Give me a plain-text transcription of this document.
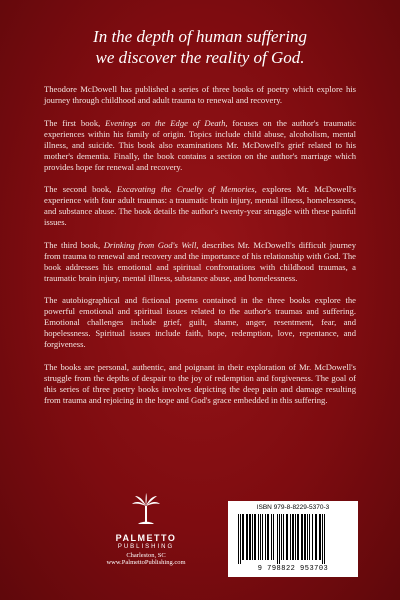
In the depth of human suffering
we discover the reality of God.

Theodore McDowell has published a series of three books of poetry which explore his journey through childhood and adult trauma to renewal and recovery.

The first book, Evenings on the Edge of Death, focuses on the author's traumatic experiences within his family of origin. Topics include child abuse, alcoholism, mental illness, and suicide. This book also examinations Mr. McDowell's grief related to his mother's dementia. Finally, the book contains a section on the author's marriage which provides hope for renewal and recovery.

The second book, Excavating the Cruelty of Memories, explores Mr. McDowell's experience with four adult traumas: a traumatic brain injury, mental illness, homelessness, and substance abuse. The book details the author's twenty-year struggle with these painful issues.

The third book, Drinking from God's Well, describes Mr. McDowell's difficult journey from trauma to renewal and recovery and the importance of his relationship with God. The book addresses his emotional and spiritual confrontations with childhood traumas, a traumatic brain injury, mental illness, substance abuse, and homelessness.

The autobiographical and fictional poems contained in the three books explore the powerful emotional and spiritual issues related to the author's traumas and suffering. Emotional challenges include grief, guilt, shame, anger, resentment, fear, and hopelessness. Spiritual issues include faith, hope, redemption, love, repentance, and forgiveness.

The books are personal, authentic, and poignant in their exploration of Mr. McDowell's struggle from the depths of despair to the joy of redemption and forgiveness. The goal of this series of three poetry books involves depicting the deep pain and damage resulting from trauma and rejoicing in the hope and God's grace embedded in this suffering.

PALMETTO
PUBLISHING
Charleston, SC
www.PalmettoPublishing.com
ISBN 979-8-8229-5370-3
9 798822 953703
